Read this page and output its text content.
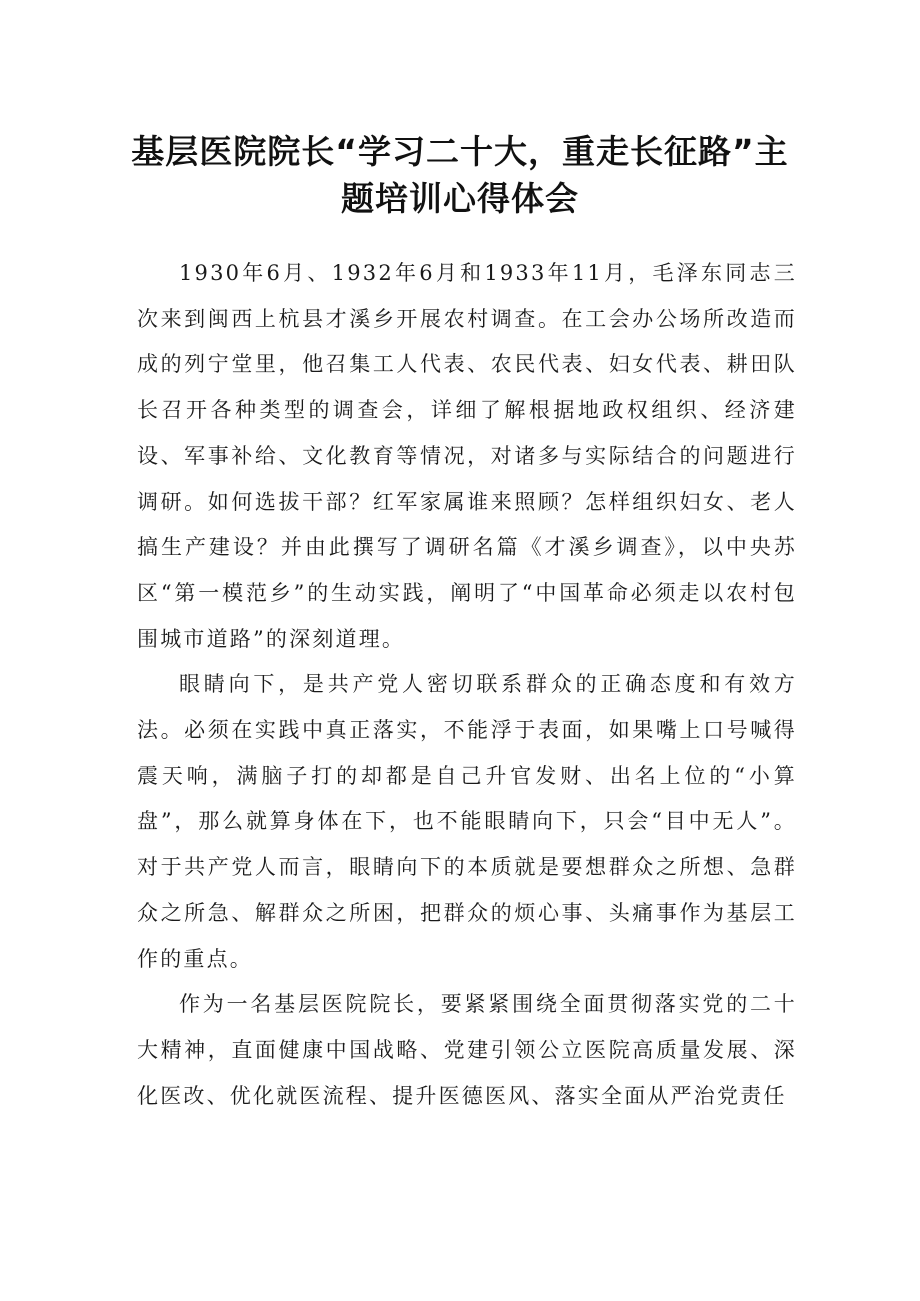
基层医院院长“学习二十大，重走长征路”主题培训心得体会

1930年6月、1932年6月和1933年11月，毛泽东同志三次来到闽西上杭县才溪乡开展农村调查。在工会办公场所改造而成的列宁堂里，他召集工人代表、农民代表、妇女代表、耕田队长召开各种类型的调查会，详细了解根据地政权组织、经济建设、军事补给、文化教育等情况，对诸多与实际结合的问题进行调研。如何选拔干部？红军家属谁来照顾？怎样组织妇女、老人搞生产建设？并由此撰写了调研名篇《才溪乡调查》，以中央苏区“第一模范乡”的生动实践，阐明了“中国革命必须走以农村包围城市道路”的深刻道理。

眼睛向下，是共产党人密切联系群众的正确态度和有效方法。必须在实践中真正落实，不能浮于表面，如果嘴上口号喊得震天响，满脑子打的却都是自己升官发财、出名上位的“小算盘”，那么就算身体在下，也不能眼睛向下，只会“目中无人”。对于共产党人而言，眼睛向下的本质就是要想群众之所想、急群众之所急、解群众之所困，把群众的烦心事、头痛事作为基层工作的重点。

作为一名基层医院院长，要紧紧围绕全面贯彻落实党的二十大精神，直面健康中国战略、党建引领公立医院高质量发展、深化医改、优化就医流程、提升医德医风、落实全面从严治党责任
